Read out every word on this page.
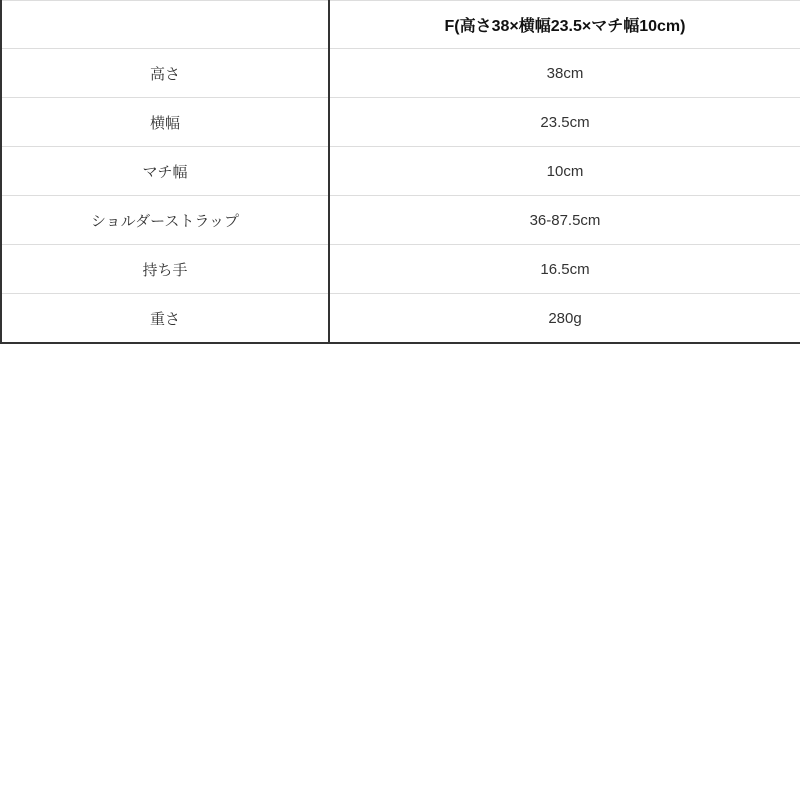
	F(高さ38×横幅23.5×マチ幅10cm)
高さ	38cm
横幅	23.5cm
マチ幅	10cm
ショルダーストラップ	36-87.5cm
持ち手	16.5cm
重さ	280g
